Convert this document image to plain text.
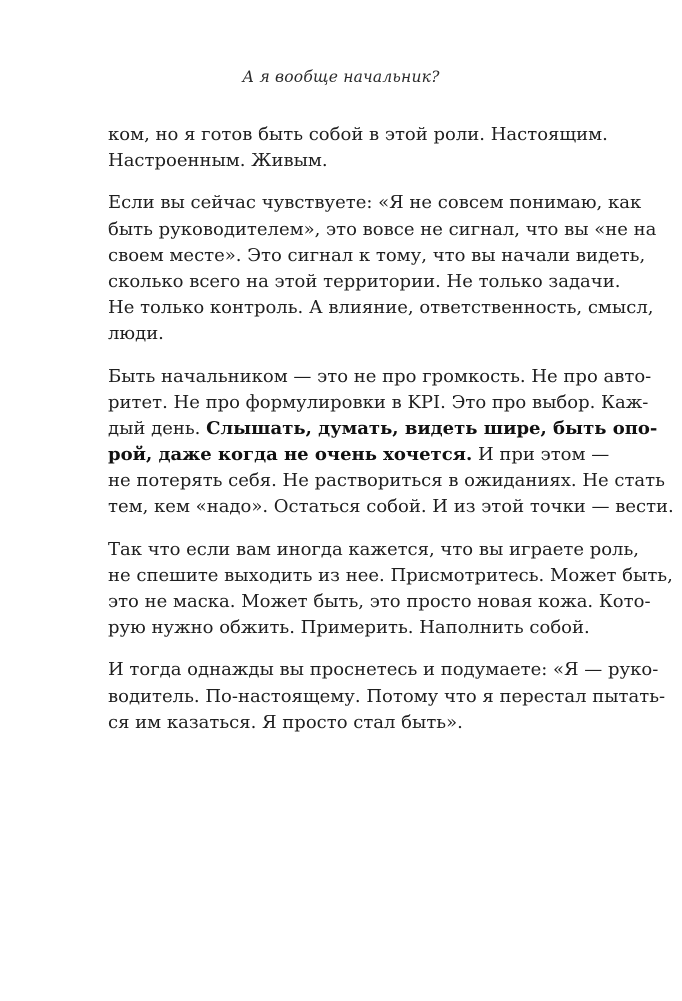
А я вообще начальник?
ком, но я готов быть собой в этой роли. Настоящим.
Настроенным. Живым.
Если вы сейчас чувствуете: «Я не совсем понимаю, как
быть руководителем», это вовсе не сигнал, что вы «не на
своем месте». Это сигнал к тому, что вы начали видеть,
сколько всего на этой территории. Не только задачи.
Не только контроль. А влияние, ответственность, смысл,
люди.
Быть начальником — это не про громкость. Не про авто-
ритет. Не про формулировки в KPI. Это про выбор. Каж-
дый день. Слышать, думать, видеть шире, быть опо-
рой, даже когда не очень хочется. И при этом —
не потерять себя. Не раствориться в ожиданиях. Не стать
тем, кем «надо». Остаться собой. И из этой точки — вести.
Так что если вам иногда кажется, что вы играете роль,
не спешите выходить из нее. Присмотритесь. Может быть,
это не маска. Может быть, это просто новая кожа. Кото-
рую нужно обжить. Примерить. Наполнить собой.
И тогда однажды вы проснетесь и подумаете: «Я — руко-
водитель. По-настоящему. Потому что я перестал пытать-
ся им казаться. Я просто стал быть».
